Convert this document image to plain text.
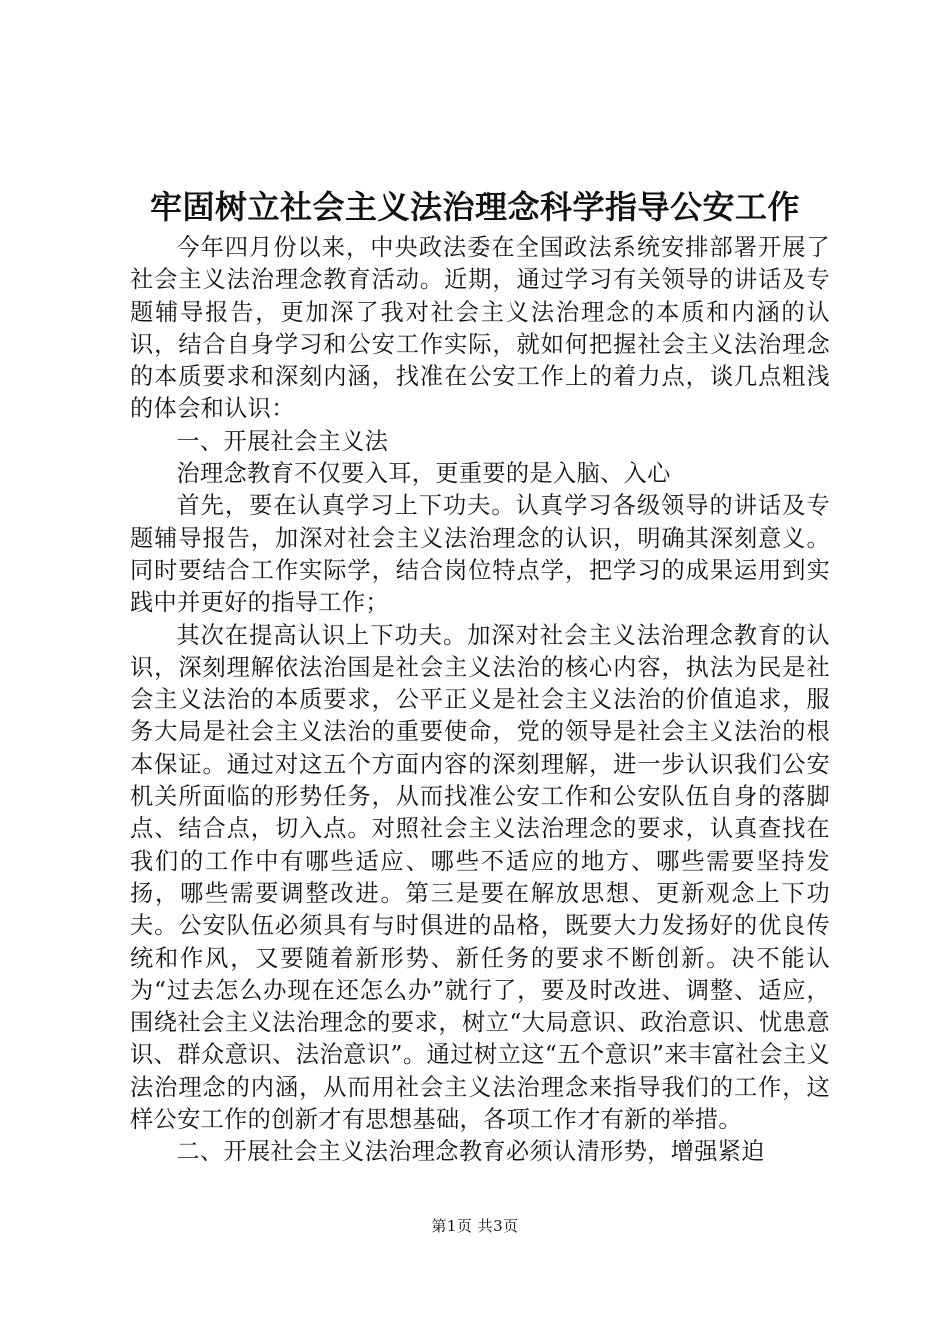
牢固树立社会主义法治理念科学指导公安工作

今年四月份以来，中央政法委在全国政法系统安排部署开展了社会主义法治理念教育活动。近期，通过学习有关领导的讲话及专题辅导报告，更加深了我对社会主义法治理念的本质和内涵的认识，结合自身学习和公安工作实际，就如何把握社会主义法治理念的本质要求和深刻内涵，找准在公安工作上的着力点，谈几点粗浅的体会和认识：

一、开展社会主义法

治理念教育不仅要入耳，更重要的是入脑、入心

首先，要在认真学习上下功夫。认真学习各级领导的讲话及专题辅导报告，加深对社会主义法治理念的认识，明确其深刻意义。同时要结合工作实际学，结合岗位特点学，把学习的成果运用到实践中并更好的指导工作；

其次在提高认识上下功夫。加深对社会主义法治理念教育的认识，深刻理解依法治国是社会主义法治的核心内容，执法为民是社会主义法治的本质要求，公平正义是社会主义法治的价值追求，服务大局是社会主义法治的重要使命，党的领导是社会主义法治的根本保证。通过对这五个方面内容的深刻理解，进一步认识我们公安机关所面临的形势任务，从而找准公安工作和公安队伍自身的落脚点、结合点，切入点。对照社会主义法治理念的要求，认真查找在我们的工作中有哪些适应、哪些不适应的地方、哪些需要坚持发扬，哪些需要调整改进。第三是要在解放思想、更新观念上下功夫。公安队伍必须具有与时俱进的品格，既要大力发扬好的优良传统和作风，又要随着新形势、新任务的要求不断创新。决不能认为“过去怎么办现在还怎么办”就行了，要及时改进、调整、适应，围绕社会主义法治理念的要求，树立“大局意识、政治意识、忧患意识、群众意识、法治意识”。通过树立这“五个意识”来丰富社会主义法治理念的内涵，从而用社会主义法治理念来指导我们的工作，这样公安工作的创新才有思想基础，各项工作才有新的举措。

二、开展社会主义法治理念教育必须认清形势，增强紧迫

第1页 共3页
